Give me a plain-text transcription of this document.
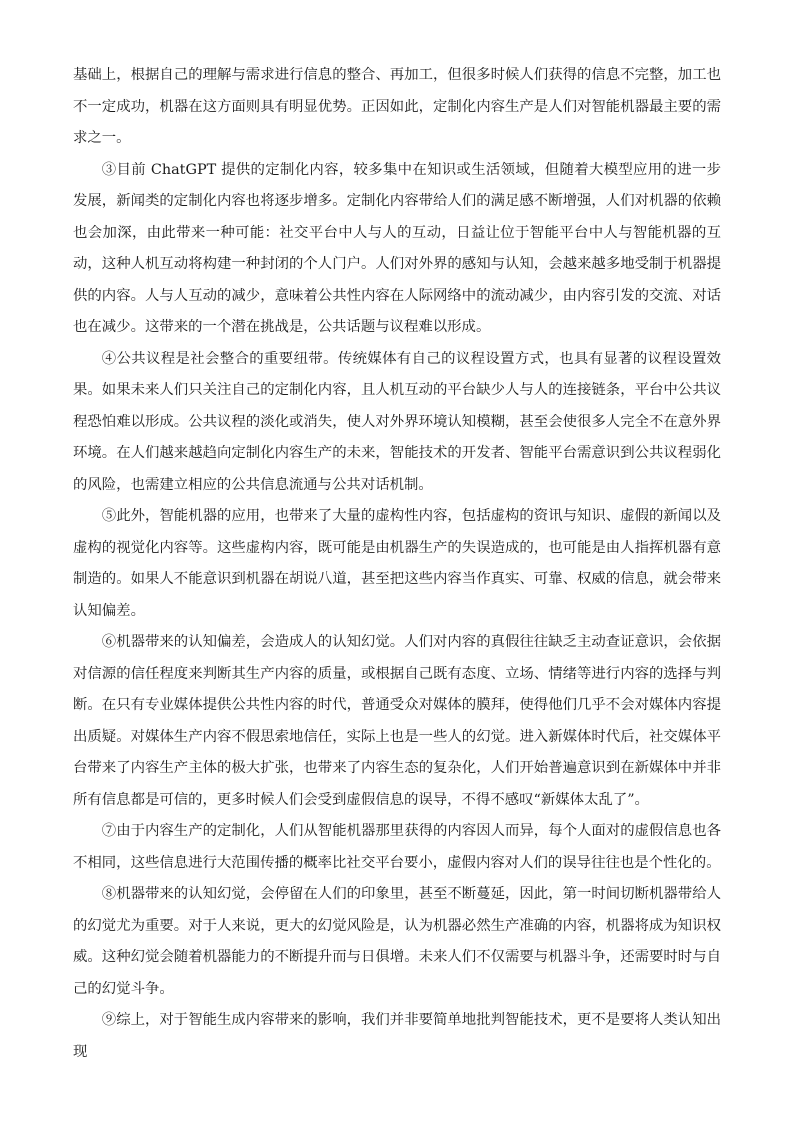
基础上，根据自己的理解与需求进行信息的整合、再加工，但很多时候人们获得的信息不完整，加工也不一定成功，机器在这方面则具有明显优势。正因如此，定制化内容生产是人们对智能机器最主要的需求之一。

③目前 ChatGPT 提供的定制化内容，较多集中在知识或生活领域，但随着大模型应用的进一步发展，新闻类的定制化内容也将逐步增多。定制化内容带给人们的满足感不断增强，人们对机器的依赖也会加深，由此带来一种可能：社交平台中人与人的互动，日益让位于智能平台中人与智能机器的互动，这种人机互动将构建一种封闭的个人门户。人们对外界的感知与认知，会越来越多地受制于机器提供的内容。人与人互动的减少，意味着公共性内容在人际网络中的流动减少，由内容引发的交流、对话也在减少。这带来的一个潜在挑战是，公共话题与议程难以形成。

④公共议程是社会整合的重要纽带。传统媒体有自己的议程设置方式，也具有显著的议程设置效果。如果未来人们只关注自己的定制化内容，且人机互动的平台缺少人与人的连接链条，平台中公共议程恐怕难以形成。公共议程的淡化或消失，使人对外界环境认知模糊，甚至会使很多人完全不在意外界环境。在人们越来越趋向定制化内容生产的未来，智能技术的开发者、智能平台需意识到公共议程弱化的风险，也需建立相应的公共信息流通与公共对话机制。

⑤此外，智能机器的应用，也带来了大量的虚构性内容，包括虚构的资讯与知识、虚假的新闻以及虚构的视觉化内容等。这些虚构内容，既可能是由机器生产的失误造成的，也可能是由人指挥机器有意制造的。如果人不能意识到机器在胡说八道，甚至把这些内容当作真实、可靠、权威的信息，就会带来认知偏差。

⑥机器带来的认知偏差，会造成人的认知幻觉。人们对内容的真假往往缺乏主动查证意识，会依据对信源的信任程度来判断其生产内容的质量，或根据自己既有态度、立场、情绪等进行内容的选择与判断。在只有专业媒体提供公共性内容的时代，普通受众对媒体的膜拜，使得他们几乎不会对媒体内容提出质疑。对媒体生产内容不假思索地信任，实际上也是一些人的幻觉。进入新媒体时代后，社交媒体平台带来了内容生产主体的极大扩张，也带来了内容生态的复杂化，人们开始普遍意识到在新媒体中并非所有信息都是可信的，更多时候人们会受到虚假信息的误导，不得不感叹“新媒体太乱了”。

⑦由于内容生产的定制化，人们从智能机器那里获得的内容因人而异，每个人面对的虚假信息也各不相同，这些信息进行大范围传播的概率比社交平台要小，虚假内容对人们的误导往往也是个性化的。

⑧机器带来的认知幻觉，会停留在人们的印象里，甚至不断蔓延，因此，第一时间切断机器带给人的幻觉尤为重要。对于人来说，更大的幻觉风险是，认为机器必然生产准确的内容，机器将成为知识权威。这种幻觉会随着机器能力的不断提升而与日俱增。未来人们不仅需要与机器斗争，还需要时时与自己的幻觉斗争。

⑨综上，对于智能生成内容带来的影响，我们并非要简单地批判智能技术，更不是要将人类认知出现
